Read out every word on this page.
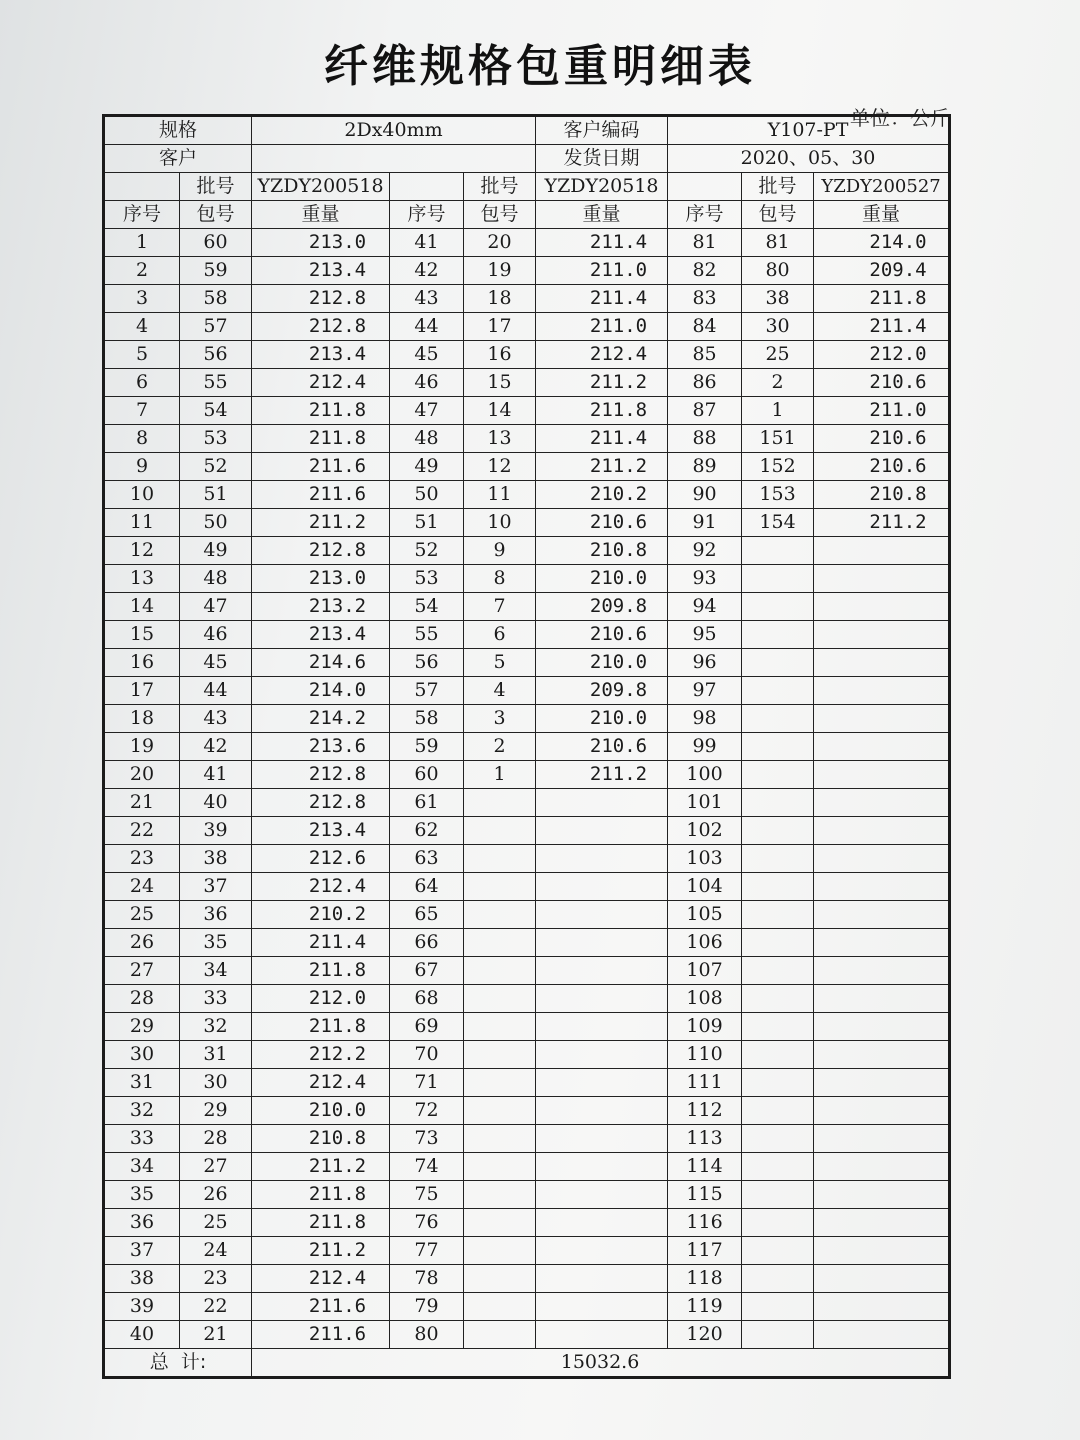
纤维规格包重明细表
单位：公斤
规格		2Dx40mm			客户编码	Y107-PT		
客户					发货日期	2020、05、30		
	批号	YZDY200518		批号	YZDY20518		批号	YZDY200527
序号	包号	重量	序号	包号	重量	序号	包号	重量
1	60	213.0	41	20	211.4	81	81	214.0
2	59	213.4	42	19	211.0	82	80	209.4
3	58	212.8	43	18	211.4	83	38	211.8
4	57	212.8	44	17	211.0	84	30	211.4
5	56	213.4	45	16	212.4	85	25	212.0
6	55	212.4	46	15	211.2	86	2	210.6
7	54	211.8	47	14	211.8	87	1	211.0
8	53	211.8	48	13	211.4	88	151	210.6
9	52	211.6	49	12	211.2	89	152	210.6
10	51	211.6	50	11	210.2	90	153	210.8
11	50	211.2	51	10	210.6	91	154	211.2
12	49	212.8	52	9	210.8	92		
13	48	213.0	53	8	210.0	93		
14	47	213.2	54	7	209.8	94		
15	46	213.4	55	6	210.6	95		
16	45	214.6	56	5	210.0	96		
17	44	214.0	57	4	209.8	97		
18	43	214.2	58	3	210.0	98		
19	42	213.6	59	2	210.6	99		
20	41	212.8	60	1	211.2	100		
21	40	212.8	61			101		
22	39	213.4	62			102		
23	38	212.6	63			103		
24	37	212.4	64			104		
25	36	210.2	65			105		
26	35	211.4	66			106		
27	34	211.8	67			107		
28	33	212.0	68			108		
29	32	211.8	69			109		
30	31	212.2	70			110		
31	30	212.4	71			111		
32	29	210.0	72			112		
33	28	210.8	73			113		
34	27	211.2	74			114		
35	26	211.8	75			115		
36	25	211.8	76			116		
37	24	211.2	77			117		
38	23	212.4	78			118		
39	22	211.6	79			119		
40	21	211.6	80			120		
总  计:		15032.6						
